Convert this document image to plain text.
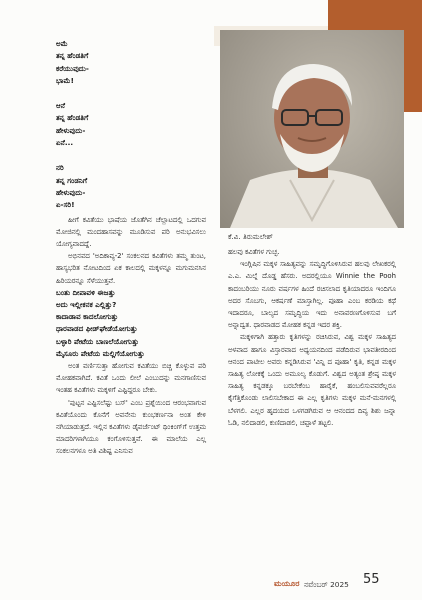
ಕೆ.ವಿ. ತಿರುಮಲೇಶ್

ಅಮೆ
ತನ್ನ ಹೆಂಡತಿಗೆ
ಕರೆಯುವುದು-
ಭಾಮೆ!

ಆನೆ
ತನ್ನ ಹೆಂಡತಿಗೆ
ಹೇಳುವುದು-
ಏನೆ...

ನರಿ
ತನ್ನ ಗಂಡನಿಗೆ
ಹೇಳುವುದು-
ಏ-ಸರಿ!

ಹೀಗೆ ಕವಿತೆಯು ಭಾಷೆಯ ಜೊತೆಗಿನ ಚೆಲ್ಲಾಟದಲ್ಲಿ ಒದಗುವ ಮೋಜಿನಲ್ಲಿ ಮಂದಹಾಸವನ್ನು ಮೂಡಿಸುವ ಪರಿ ಅನುಭವಿಸಲು ಯೋಗ್ಯವಾದದ್ದೆ.

ಅಭಿನವದ 'ಅದಿಕಾವ್ಯ-2' ಸಂಕಲನದ ಕವಿತೆಗಳು ತಮ್ಮ ತುಂಟ, ಹಾಸ್ಯಭರಿತ ನೋಟದಿಂದ ಏಕ ಕಾಲದಲ್ಲಿ ಮಕ್ಕಳನ್ನೂ ಮಗುಮನಸಿನ ಹಿರಿಯರನ್ನೂ ಸೆಳೆಯುತ್ತವೆ.

ಬಂತು ದೀಪಾವಳಿ ಈಜತ್ತು
ಅದು ಇಲ್ಲೀಕನಕ ಎಲ್ಲಿತ್ತು?
ಕಾದಾಡಾವ ಕಾದಲೋಗುತ್ತು
ಧಾರವಾಡದ ಫೀಡ್‌ಘೇಡೆಯೋಗುತ್ತು
ಬಳ್ಳಾರಿ ಪೇಟೆಯ ಬಾಣಲೆಯೋಗುತ್ತು
ಮೈಸೂರು ಪೇಟೆಯ ಮಲ್ಲಿಗೆಯೋಗುತ್ತು

ಅಂತ ವರ್ಣಿಸುತ್ತಾ ಹೋಗುವ ಕವಿತೆಯು ಬಿಚ್ಚಿ ಕೊಳ್ಳುವ ಪರಿ ಮೋಹಕವಾಗಿದೆ. ಕವಿತೆ ಒಂದು ಲೀಲೆ ಎಂಬುದನ್ನು ಮನಗಾಣಿಸುವ ಇಂತಹ ಕವಿತೆಗಳು ಮಕ್ಕಳಿಗೆ ಎಷ್ಟಿದ್ದರೂ ಬೇಕು.

'ಪುಟ್ಟನ ಎಷ್ಟಿಸಲೆಷ್ಟು ಬಸ್' ಎಂಬ ಪ್ರಶ್ನೆಯಿಂದ ಆರಂಭವಾಗುವ ಕವಿತೆಯೊಂದು ಕೊನೆಗೆ ಅವನೇನು ಕುಂಭಕರ್ಣನಾ ಅಂತ ಕೇಳಿ ನಗಿಯಾಡುತ್ತದೆ. ಇಲ್ಲಿನ ಕವಿತೆಗಳು ಡೈವರ್ಜೆಂಟ್ ಥಿಂಕಿಂಗ್‌ಗೆ ಉತ್ತಮ ಮಾದರಿಗಳಾಗಿಯೂ ಕಂಗೊಳಿಸುತ್ತವೆ. ಈ ಮಾಲೆಯ ಎಲ್ಲ ಸಂಕಲನಗಳೂ ಅತಿ ವಿಶಿಷ್ಟ ಎನಿಸುವ

ಹಲವು ಕವಿತೆಗಳ ಗುಚ್ಛ.

ಇಂಗ್ಲಿಷಿನ ಮಕ್ಕಳ ಸಾಹಿತ್ಯವನ್ನು ಸಮೃದ್ಧಿಗೊಳಿಸಿರುವ ಹಲವು ಲೇಖಕರಲ್ಲಿ ಎ.ಎ. ಮಿಲ್ನೆ ದೊಡ್ಡ ಹೆಸರು. ಅದರಲ್ಲಿಯೂ Winnie the Pooh ಕಾದಂಬರಿಯು ನೂರು ವರ್ಷಗಳ ಹಿಂದೆ ರಚಿಸಲಾದ ಕೃತಿಯಾದರೂ ಇಂದಿಗೂ ಅದರ ಸೊಬಗು, ಆಕರ್ಷಣೆ ಮಾಸ್ತಾಗಿಲ್ಲ. ಪೂಹಾ ಎಂಬ ಕರಡಿಯ ಕಥೆ ಇದಾದರೂ, ಬಾಲ್ಯದ ಸಮೃದ್ಧಿಯ ಇದು ಅನಾವರಣಗೊಳಿಸುವ ಬಗೆ ಅನ್ನಾದ್ವತ. ಧಾರವಾಡದ ಮೋಹಕ ಕನ್ನಡ ಇದರ ಶಕ್ತಿ.

ಮಕ್ಕಳಿಗಾಗಿ ಹತ್ತಾರು ಕೃತಿಗಳನ್ನು ರಚಿಸಿರುವ, ವಿಶ್ವ ಮಕ್ಕಳ ಸಾಹಿತ್ಯದ ಅಳವಾದ ಹಾಗೂ ವಿಸ್ತಾರವಾದ ಅಧ್ಯಯನದಿಂದ ಪಡೆದಿರುವ ಭಾವತೀರದಿಂದ ಆನಂದ ಪಾಟೀಲ ಅವರು ಕನ್ನಡಿಸಿರುವ 'ವಿನ್ನಿ ದ ಪೂಹಾ' ಕೃತಿ, ಕನ್ನಡ ಮಕ್ಕಳ ಸಾಹಿತ್ಯ ಲೋಕಕ್ಕೆ ಒಂದು ಅಮೂಲ್ಯ ಕೊಡುಗೆ. ವಿಶ್ವದ ಅತ್ಯಂತ ಶ್ರೇಷ್ಠ ಮಕ್ಕಳ ಸಾಹಿತ್ಯ ಕನ್ನಡಕ್ಕೂ ಬರಬೇಕೆಂಬ ಹಾರೈಕೆ, ಹಂಬಲಿಸುವವರೆಲ್ಲರೂ ಕೈಗೆತ್ತಿಕೊಂಡು ಲಾಲಿಸಬೇಕಾದ ಈ ಎಲ್ಲ ಕೃತಿಗಳು ಮಕ್ಕಳ ಮನೆ-ಮನಗಳಲ್ಲಿ ಬೆಳಗಲಿ. ಎಲ್ಲರ ಹೃದಯದ ಒಳಗಡಗಿರುವ ಆ ಆನಂದದ ದಿವ್ಯ ಶಿಶು ಜನ್ನಾ ಓಡಿ, ನಲಿದಾಡಲಿ, ಕುಣಿದಾಡಲಿ, ಚಪ್ಪಾಳೆ ತಟ್ಟಲಿ.

ಮಯೂರ ನವೆಂಬರ್ 2025 55
